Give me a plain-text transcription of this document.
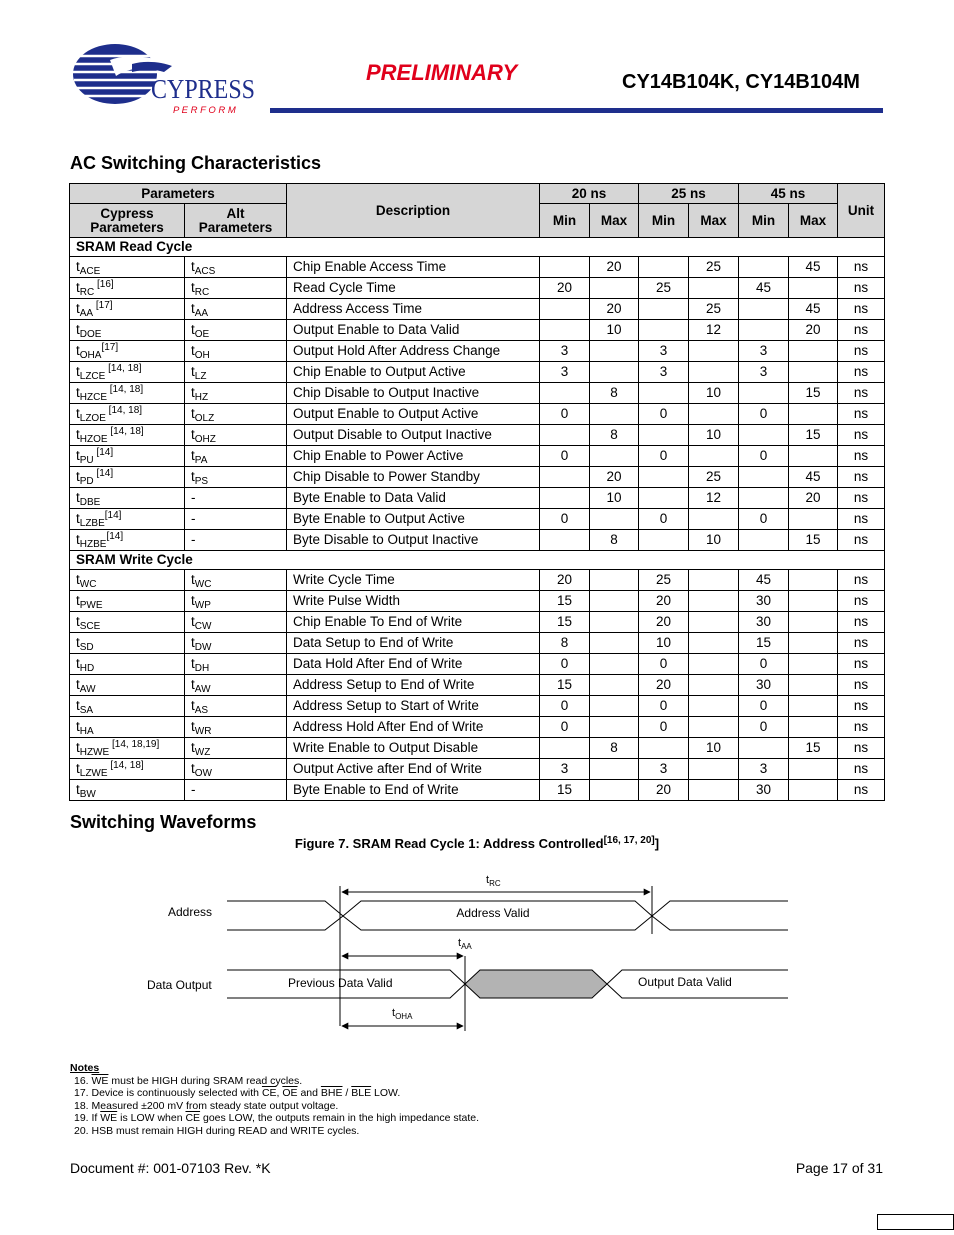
CYPRESS
P E R F O R M
PRELIMINARY	CY14B104K, CY14B104M
AC Switching Characteristics
Parameters		Description	20 ns		25 ns		45 ns		Unit
Cypress Parameters	Alt Parameters		Min	Max	Min	Max	Min	Max	
SRAM Read Cycle									
$t_{ACE}$	$t_{ACS}$	Chip Enable Access Time		20		25		45	ns
$t_{RC}$ [16]	$t_{RC}$	Read Cycle Time	20		25		45		ns
$t_{AA}$ [17]	$t_{AA}$	Address Access Time		20		25		45	ns
$t_{DOE}$	$t_{OE}$	Output Enable to Data Valid		10		12		20	ns
$t_{OHA}[17]$	$t_{OH}$	Output Hold After Address Change	3		3		3		ns
$t_{LZCE}$ [14, 18]	$t_{LZ}$	Chip Enable to Output Active	3		3		3		ns
$t_{HZCE}$ [14, 18]	$t_{HZ}$	Chip Disable to Output Inactive		8		10		15	ns
$t_{LZOE}$ [14, 18]	$t_{OLZ}$	Output Enable to Output Active	0		0		0		ns
$t_{HZOE}$ [14, 18]	$t_{OHZ}$	Output Disable to Output Inactive		8		10		15	ns
$t_{PU}$ [14]	$t_{PA}$	Chip Enable to Power Active	0		0		0		ns
$t_{PD}$ [14]	$t_{PS}$	Chip Disable to Power Standby		20		25		45	ns
$t_{DBE}$	-	Byte Enable to Data Valid		10		12		20	ns
$t_{LZBE}[14]$	-	Byte Enable to Output Active	0		0		0		ns
$t_{HZBE}[14]$	-	Byte Disable to Output Inactive		8		10		15	ns
SRAM Write Cycle									
$t_{WC}$	$t_{WC}$	Write Cycle Time	20		25		45		ns
$t_{PWE}$	$t_{WP}$	Write Pulse Width	15		20		30		ns
$t_{SCE}$	$t_{CW}$	Chip Enable To End of Write	15		20		30		ns
$t_{SD}$	$t_{DW}$	Data Setup to End of Write	8		10		15		ns
$t_{HD}$	$t_{DH}$	Data Hold After End of Write	0		0		0		ns
$t_{AW}$	$t_{AW}$	Address Setup to End of Write	15		20		30		ns
$t_{SA}$	$t_{AS}$	Address Setup to Start of Write	0		0		0		ns
$t_{HA}$	$t_{WR}$	Address Hold After End of Write	0		0		0		ns
$t_{HZWE}$ [14, 18,19]	$t_{WZ}$	Write Enable to Output Disable		8		10		15	ns
$t_{LZWE}$ [14, 18]	$t_{OW}$	Output Active after End of Write	3		3		3		ns
$t_{BW}$	-	Byte Enable to End of Write	15		20		30		ns
Switching Waveforms
Figure 7. SRAM Read Cycle 1: Address Controlled[16, 17, 20]]
Address
Data Output
Address Valid
Previous Data Valid	Output Data Valid
$t_{RC}$
$t_{AA}$
$t_{OHA}$
Notes
16. $\overline{WE}$ must be HIGH during SRAM read cycles.
17. Device is continuously selected with $\overline{CE}$, $\overline{OE}$ and $\overline{BHE} / \overline{BLE}$ LOW.
18. Measured ±200 mV from steady state output voltage.
19. If $\overline{WE}$ is LOW when $\overline{CE}$ goes LOW, the outputs remain in the high impedance state.
20. HSB must remain HIGH during READ and WRITE cycles.
Document #: 001-07103 Rev. *K	Page 17 of 31
